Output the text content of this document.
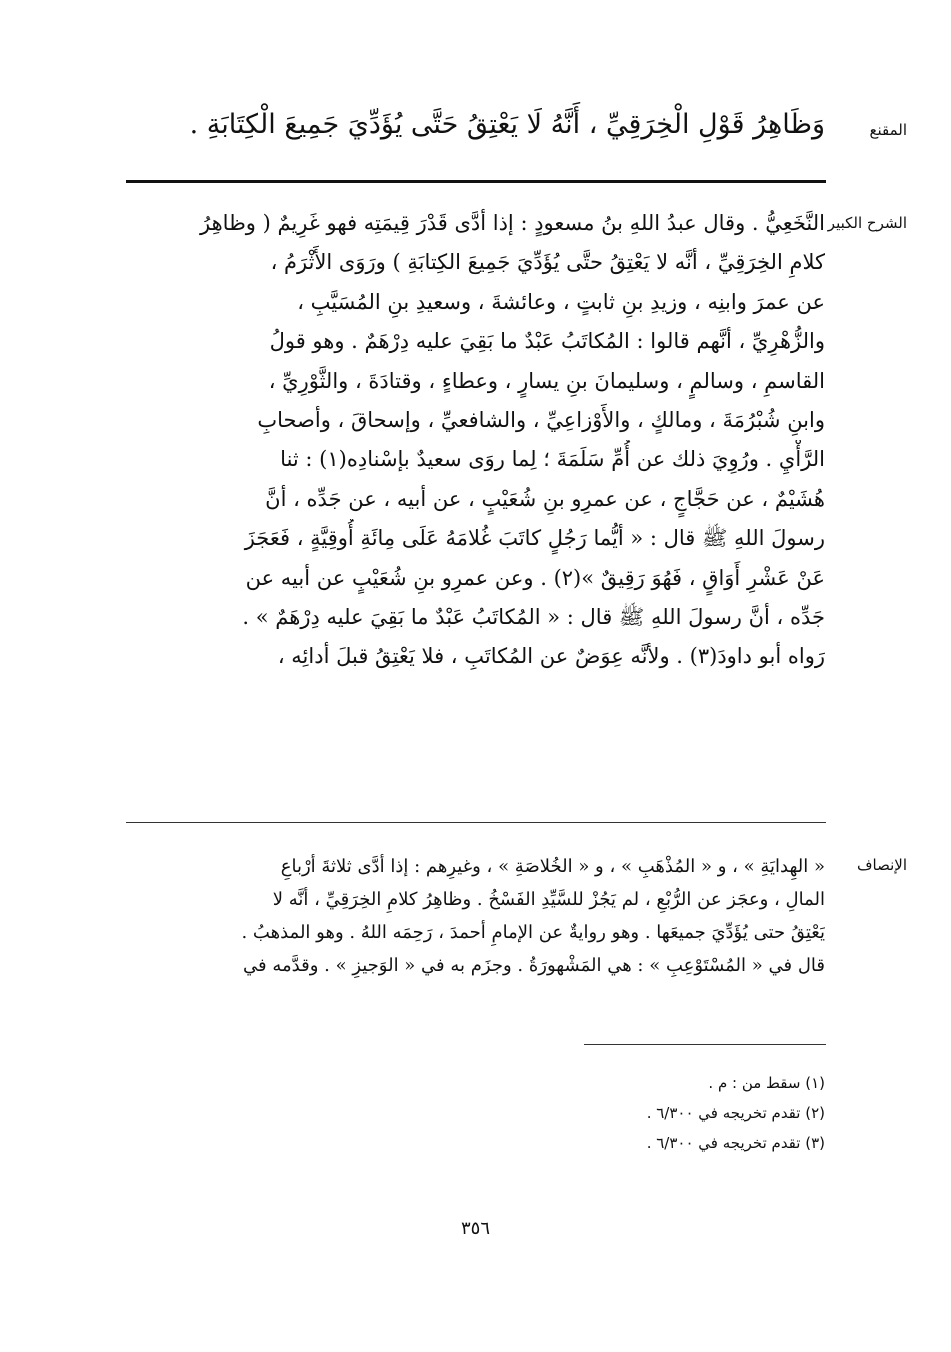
المقنع
وَظَاهِرُ قَوْلِ الْخِرَقِيِّ ، أَنَّهُ لَا يَعْتِقُ حَتَّى يُؤَدِّيَ جَمِيعَ الْكِتَابَةِ .
الشرح الكبير
النَّخَعِيُّ . وقال عبدُ اللهِ بنُ مسعودٍ : إذا أدَّى قَدْرَ قِيمَتِه فهو غَرِيمٌ ( وظاهِرُ
كلامِ الخِرَقِيِّ ، أنَّه لا يَعْتِقُ حتَّى يُؤَدِّيَ جَمِيعَ الكِتابَةِ ) ورَوَى الأَثْرَمُ ،
عن عمرَ وابنِه ، وزيدِ بنِ ثابتٍ ، وعائشةَ ، وسعيدِ بنِ المُسَيَّبِ ،
والزُّهْرِيِّ ، أنَّهم قالوا : المُكاتَبُ عَبْدٌ ما بَقِيَ عليه دِرْهَمٌ . وهو قولُ
القاسمِ ، وسالمٍ ، وسليمانَ بنِ يسارٍ ، وعطاءٍ ، وقتادَةَ ، والثَّوْرِيِّ ،
وابنِ شُبْرُمَةَ ، ومالكٍ ، والأَوْزاعِيِّ ، والشافعيِّ ، وإسحاقَ ، وأصحابِ
الرَّأْيِ . ورُوِيَ ذلك عن أُمِّ سَلَمَةَ ؛ لِما روَى سعيدٌ بإسْنادِه(١) : ثنا
هُشَيْمٌ ، عن حَجَّاجٍ ، عن عمرِو بنِ شُعَيْبٍ ، عن أبيه ، عن جَدِّه ، أنَّ
رسولَ اللهِ ﷺ قال : « أيُّما رَجُلٍ كاتَبَ غُلامَهُ عَلَى مِائَةِ أُوقِيَّةٍ ، فَعَجَزَ
عَنْ عَشْرِ أَوَاقٍ ، فَهُوَ رَقِيقٌ »(٢) . وعن عمرِو بنِ شُعَيْبٍ عن أبيه عن
جَدِّه ، أنَّ رسولَ اللهِ ﷺ قال : « المُكاتَبُ عَبْدٌ ما بَقِيَ عليه دِرْهَمٌ » .
رَواه أبو داودَ(٣) . ولأنَّه عِوَضٌ عن المُكاتَبِ ، فلا يَعْتِقُ قبلَ أدائِه ،
الإنصاف
« الهِدايَةِ » ، و « المُذْهَبِ » ، و « الخُلاصَةِ » ، وغيرِهم : إذا أدَّى ثلاثةَ أرْباعِ
المالِ ، وعجَز عن الرُّبْعِ ، لم يَجُزْ للسَّيِّدِ الفَسْخُ . وظاهِرُ كلامِ الخِرَقِيِّ ، أنَّه لا
يَعْتِقُ حتى يُؤَدِّيَ جميعَها . وهو روايةٌ عن الإمامِ أحمدَ ، رَحِمَه اللهُ . وهو المذهبُ .
قال في « المُسْتَوْعِبِ » : هي المَشْهورَةُ . وجزَم به في « الوَجيزِ » . وقدَّمه في
(١) سقط من : م .
(٢) تقدم تخريجه في ٦/٣٠٠ .
(٣) تقدم تخريجه في ٦/٣٠٠ .
٣٥٦
